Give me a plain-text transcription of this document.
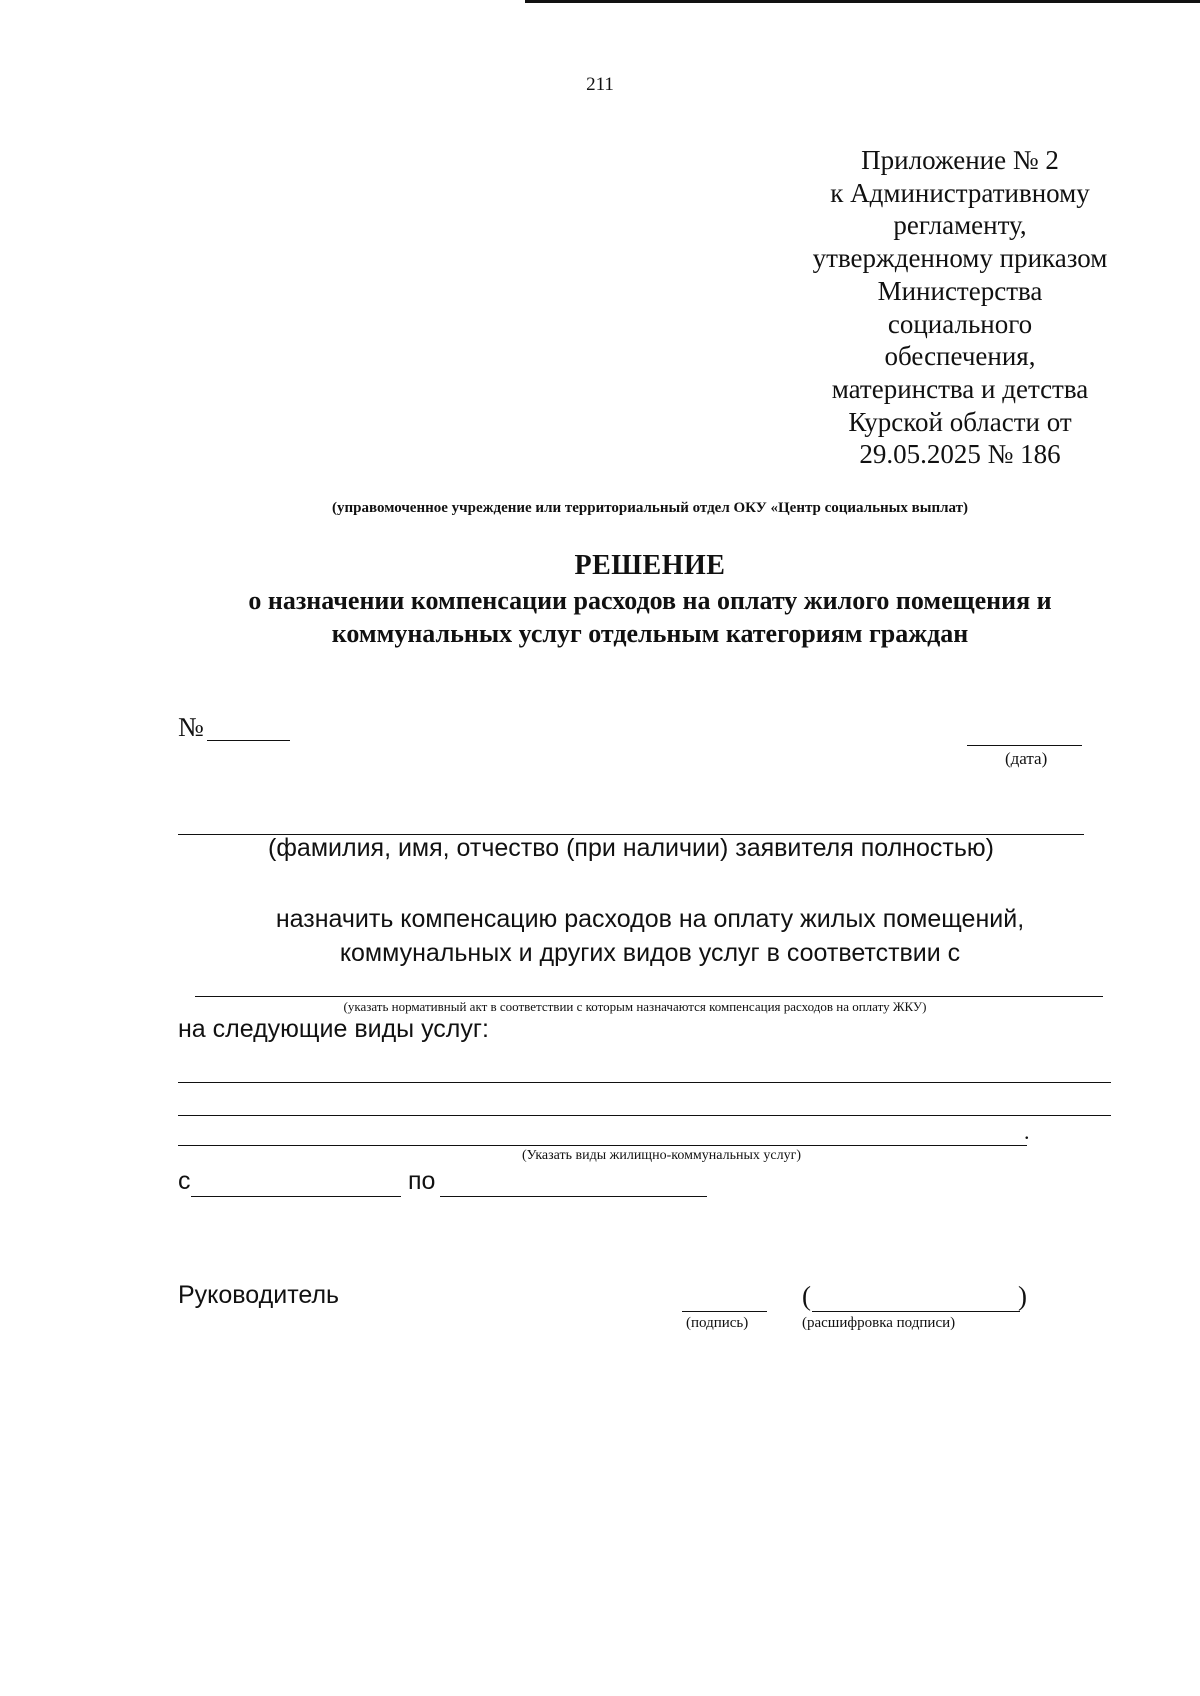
211
Приложение № 2
к Административному
регламенту,
утвержденному приказом
Министерства
социального
обеспечения,
материнства и детства
Курской области от
29.05.2025 № 186
(управомоченное учреждение или территориальный отдел ОКУ «Центр социальных выплат)
РЕШЕНИЕ
о назначении компенсации расходов на оплату жилого помещения и
коммунальных услуг отдельным категориям граждан
№
(дата)
(фамилия, имя, отчество (при наличии) заявителя полностью)
назначить компенсацию расходов на оплату жилых помещений,
коммунальных и других видов услуг в соответствии с
(указать нормативный акт в соответствии с которым назначаются компенсация расходов на оплату ЖКУ)
на следующие виды услуг:
.
(Указать виды жилищно-коммунальных услуг)
с	по
Руководитель
(подпись)
(	)
(расшифровка подписи)
